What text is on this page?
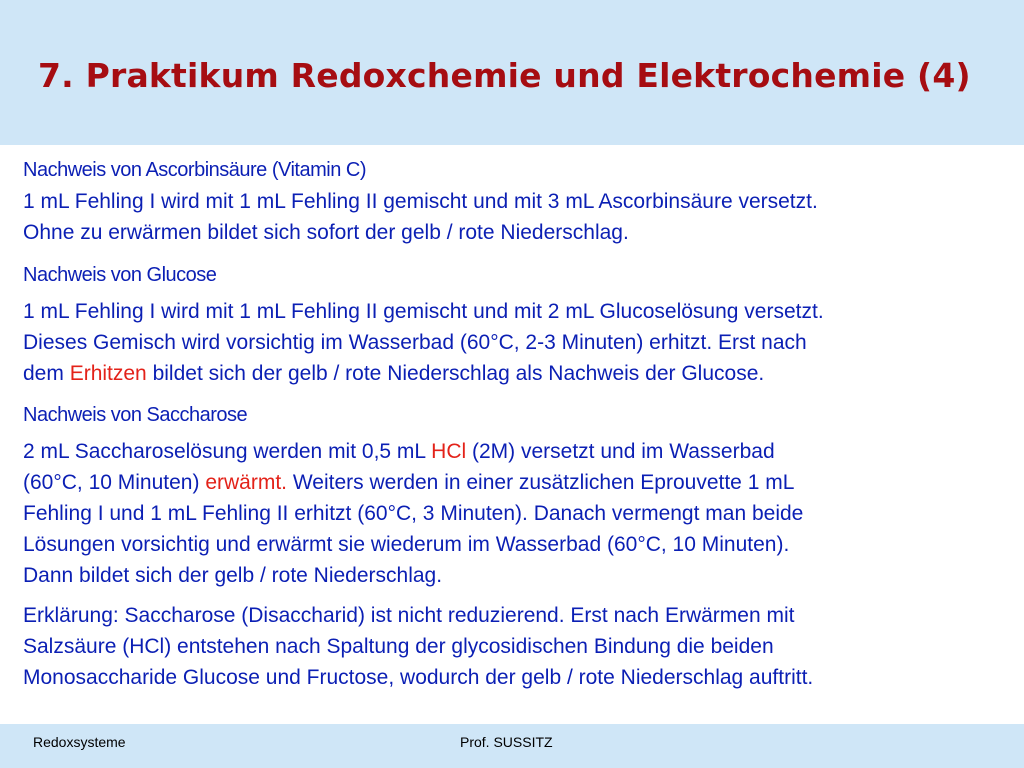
7. Praktikum Redoxchemie und Elektrochemie (4)
Nachweis von Ascorbinsäure (Vitamin C)

1 mL Fehling I wird mit 1 mL Fehling II gemischt und mit 3 mL Ascorbinsäure versetzt.
Ohne zu erwärmen bildet sich sofort der gelb / rote Niederschlag.

Nachweis von Glucose

1 mL Fehling I wird mit 1 mL Fehling II gemischt und mit 2 mL Glucoselösung versetzt.
Dieses Gemisch wird vorsichtig im Wasserbad (60°C, 2-3 Minuten) erhitzt. Erst nach
dem Erhitzen bildet sich der gelb / rote Niederschlag als Nachweis der Glucose.

Nachweis von Saccharose

2 mL Saccharoselösung werden mit 0,5 mL HCl (2M) versetzt und im Wasserbad
(60°C, 10 Minuten) erwärmt. Weiters werden in einer zusätzlichen Eprouvette 1 mL
Fehling I und 1 mL Fehling II erhitzt (60°C, 3 Minuten). Danach vermengt man beide
Lösungen vorsichtig und erwärmt sie wiederum im Wasserbad (60°C, 10 Minuten).
Dann bildet sich der gelb / rote Niederschlag.

Erklärung: Saccharose (Disaccharid) ist nicht reduzierend. Erst nach Erwärmen mit
Salzsäure (HCl) entstehen nach Spaltung der glycosidischen Bindung die beiden
Monosaccharide Glucose und Fructose, wodurch der gelb / rote Niederschlag auftritt.

Redoxsysteme	Prof. SUSSITZ
